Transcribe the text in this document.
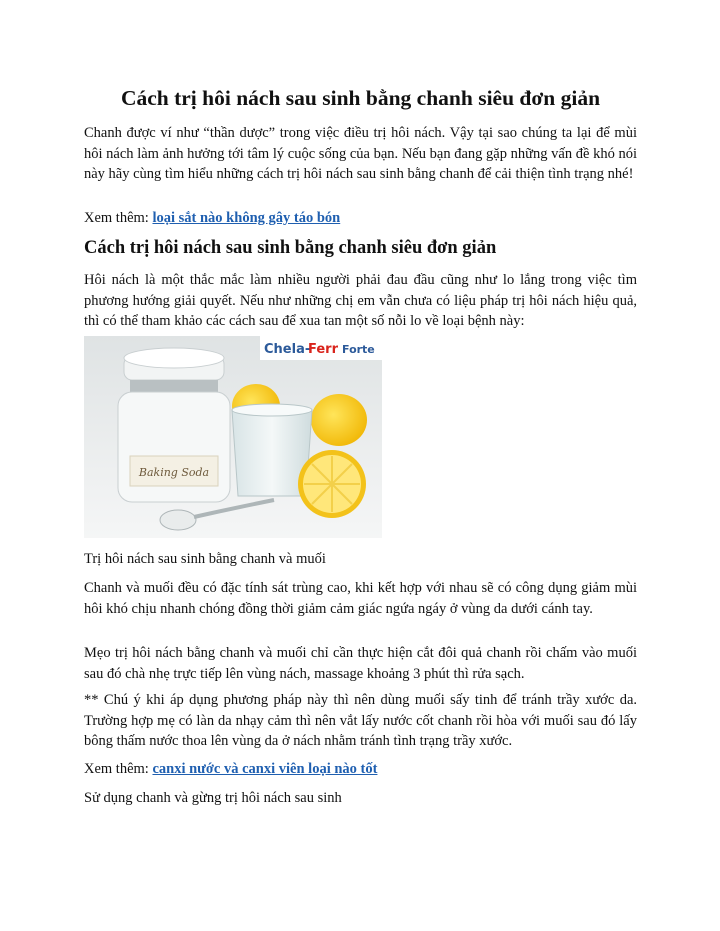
Cách trị hôi nách sau sinh bằng chanh siêu đơn giản

Chanh được ví như “thần dược” trong việc điều trị hôi nách. Vậy tại sao chúng ta lại để mùi hôi nách làm ảnh hưởng tới tâm lý cuộc sống của bạn. Nếu bạn đang gặp những vấn đề khó nói này hãy cùng tìm hiểu những cách trị hôi nách sau sinh bằng chanh để cải thiện tình trạng nhé!

Xem thêm: loại sắt nào không gây táo bón

Cách trị hôi nách sau sinh bằng chanh siêu đơn giản

Hôi nách là một thắc mắc làm nhiều người phải đau đầu cũng như lo lắng trong việc tìm phương hướng giải quyết. Nếu như những chị em vẫn chưa có liệu pháp trị hôi nách hiệu quả, thì có thể tham khảo các cách sau để xua tan một số nỗi lo về loại bệnh này:

Baking Soda
Chela-
Ferr Forte

Trị hôi nách sau sinh bằng chanh và muối

Chanh và muối đều có đặc tính sát trùng cao, khi kết hợp với nhau sẽ có công dụng giảm mùi hôi khó chịu nhanh chóng đồng thời giảm cảm giác ngứa ngáy ở vùng da dưới cánh tay.

Mẹo trị hôi nách bằng chanh và muối chỉ cần thực hiện cắt đôi quả chanh rồi chấm vào muối sau đó chà nhẹ trực tiếp lên vùng nách, massage khoảng 3 phút thì rửa sạch.

** Chú ý khi áp dụng phương pháp này thì nên dùng muối sấy tinh để tránh trầy xước da. Trường hợp mẹ có làn da nhạy cảm thì nên vắt lấy nước cốt chanh rồi hòa với muối sau đó lấy bông thấm nước thoa lên vùng da ở nách nhằm tránh tình trạng trầy xước.

Xem thêm: canxi nước và canxi viên loại nào tốt

Sử dụng chanh và gừng trị hôi nách sau sinh
